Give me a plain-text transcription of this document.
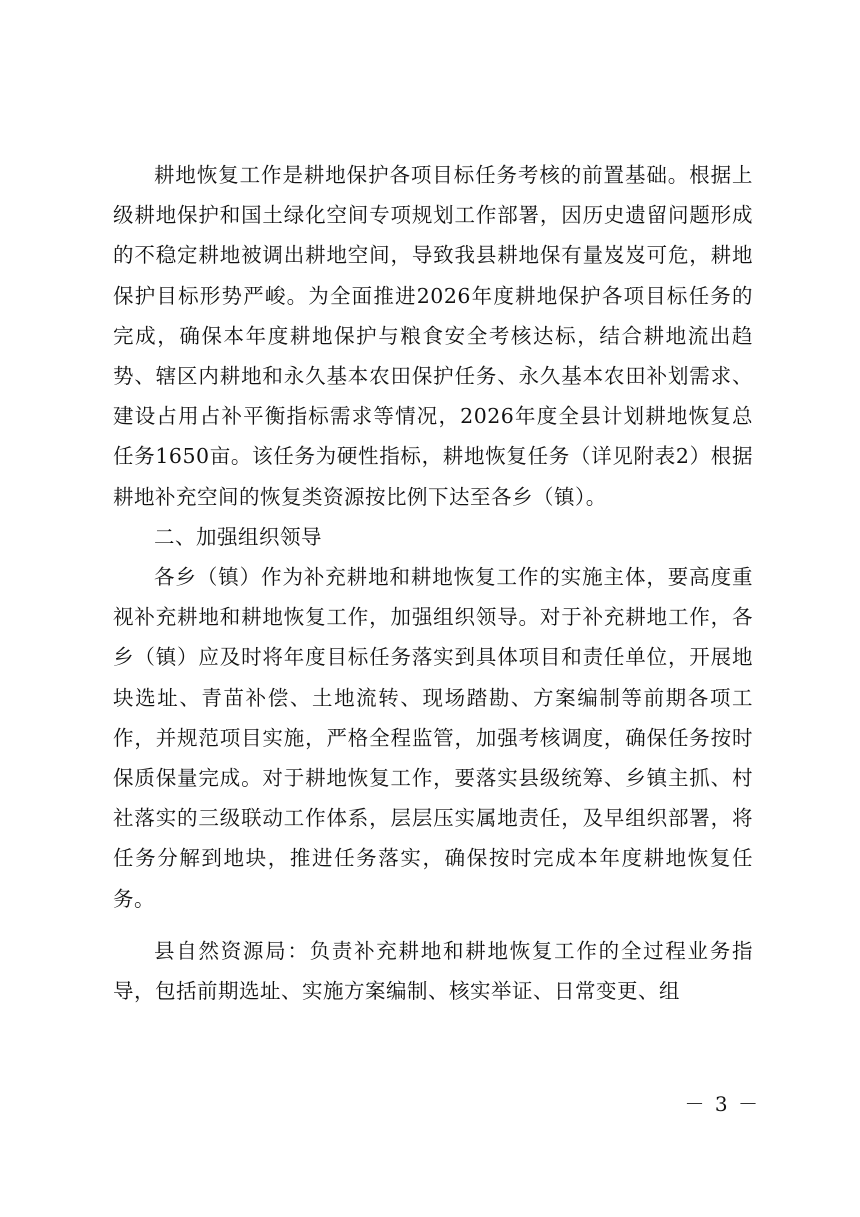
耕地恢复工作是耕地保护各项目标任务考核的前置基础。根据上级耕地保护和国土绿化空间专项规划工作部署，因历史遗留问题形成的不稳定耕地被调出耕地空间，导致我县耕地保有量岌岌可危，耕地保护目标形势严峻。为全面推进2026年度耕地保护各项目标任务的完成，确保本年度耕地保护与粮食安全考核达标，结合耕地流出趋势、辖区内耕地和永久基本农田保护任务、永久基本农田补划需求、建设占用占补平衡指标需求等情况，2026年度全县计划耕地恢复总任务1650亩。该任务为硬性指标，耕地恢复任务（详见附表2）根据耕地补充空间的恢复类资源按比例下达至各乡（镇）。

二、加强组织领导

各乡（镇）作为补充耕地和耕地恢复工作的实施主体，要高度重视补充耕地和耕地恢复工作，加强组织领导。对于补充耕地工作，各乡（镇）应及时将年度目标任务落实到具体项目和责任单位，开展地块选址、青苗补偿、土地流转、现场踏勘、方案编制等前期各项工作，并规范项目实施，严格全程监管，加强考核调度，确保任务按时保质保量完成。对于耕地恢复工作，要落实县级统筹、乡镇主抓、村社落实的三级联动工作体系，层层压实属地责任，及早组织部署，将任务分解到地块，推进任务落实，确保按时完成本年度耕地恢复任务。

县自然资源局：负责补充耕地和耕地恢复工作的全过程业务指导，包括前期选址、实施方案编制、核实举证、日常变更、组

－ 3 －
